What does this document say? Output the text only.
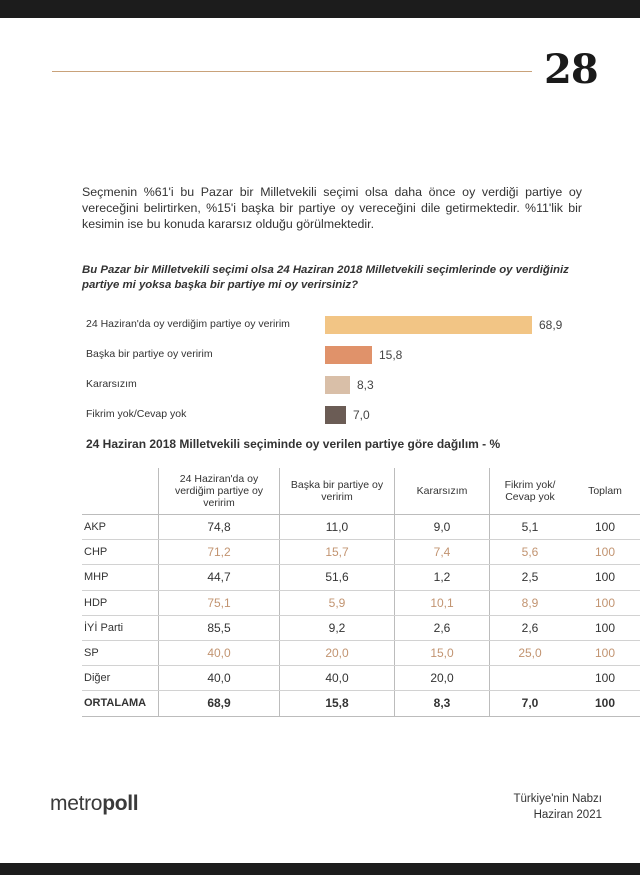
28
Seçmenin %61'i bu Pazar bir Milletvekili seçimi olsa daha önce oy verdiği partiye oy vereceğini belirtirken, %15'i başka bir partiye oy vereceğini dile getirmektedir. %11'lik bir kesimin ise bu konuda kararsız olduğu görülmektedir.
Bu Pazar bir Milletvekili seçimi olsa 24 Haziran 2018 Milletvekili seçimlerinde oy verdiğiniz partiye mi yoksa başka bir partiye mi oy verirsiniz?
24 Haziran'da oy verdiğim partiye oy veririm	68,9
Başka bir partiye oy veririm	15,8
Kararsızım	8,3
Fikrim yok/Cevap yok	7,0
24 Haziran 2018 Milletvekili seçiminde oy verilen partiye göre dağılım - %
	24 Haziran'da oy verdiğim partiye oy veririm	Başka bir partiye oy veririm	Kararsızım	Fikrim yok/ Cevap yok	Toplam
AKP	74,8	11,0	9,0	5,1	100
CHP	71,2	15,7	7,4	5,6	100
MHP	44,7	51,6	1,2	2,5	100
HDP	75,1	5,9	10,1	8,9	100
İYİ Parti	85,5	9,2	2,6	2,6	100
SP	40,0	20,0	15,0	25,0	100
Diğer	40,0	40,0	20,0		100
ORTALAMA	68,9	15,8	8,3	7,0	100
metropoll	Türkiye'nin Nabzı
Haziran 2021
